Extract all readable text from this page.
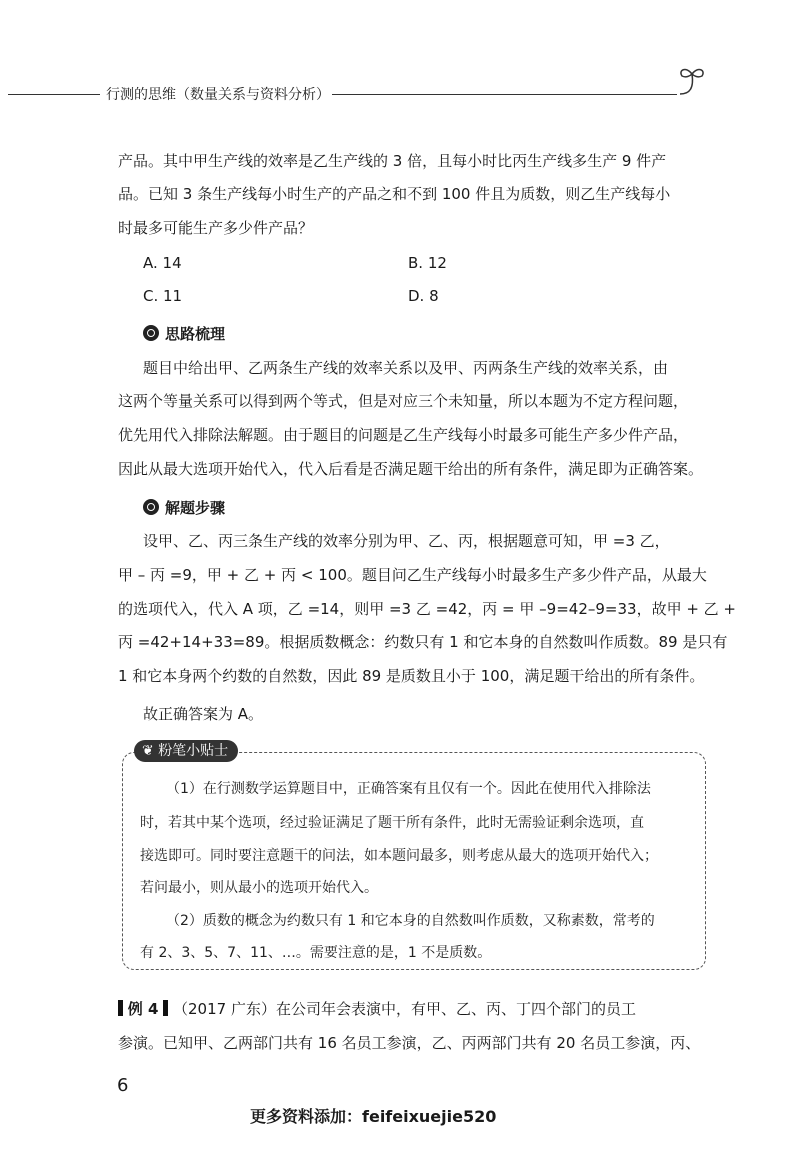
行测的思维（数量关系与资料分析）
产品。其中甲生产线的效率是乙生产线的 3 倍，且每小时比丙生产线多生产 9 件产
品。已知 3 条生产线每小时生产的产品之和不到 100 件且为质数，则乙生产线每小
时最多可能生产多少件产品？
A. 14	B. 12
C. 11	D. 8
思路梳理
题目中给出甲、乙两条生产线的效率关系以及甲、丙两条生产线的效率关系，由
这两个等量关系可以得到两个等式，但是对应三个未知量，所以本题为不定方程问题，
优先用代入排除法解题。由于题目的问题是乙生产线每小时最多可能生产多少件产品，
因此从最大选项开始代入，代入后看是否满足题干给出的所有条件，满足即为正确答案。
解题步骤
设甲、乙、丙三条生产线的效率分别为甲、乙、丙，根据题意可知，甲 =3 乙，
甲 – 丙 =9，甲 + 乙 + 丙 < 100。题目问乙生产线每小时最多生产多少件产品，从最大
的选项代入，代入 A 项，乙 =14，则甲 =3 乙 =42，丙 = 甲 –9=42–9=33，故甲 + 乙 +
丙 =42+14+33=89。根据质数概念：约数只有 1 和它本身的自然数叫作质数。89 是只有
1 和它本身两个约数的自然数，因此 89 是质数且小于 100，满足题干给出的所有条件。
故正确答案为 A。
❦ 粉笔小贴士
（1）在行测数学运算题目中，正确答案有且仅有一个。因此在使用代入排除法
时，若其中某个选项，经过验证满足了题干所有条件，此时无需验证剩余选项，直
接选即可。同时要注意题干的问法，如本题问最多，则考虑从最大的选项开始代入；
若问最小，则从最小的选项开始代入。
（2）质数的概念为约数只有 1 和它本身的自然数叫作质数，又称素数，常考的
有 2、3、5、7、11、…。需要注意的是，1 不是质数。
例 4 （2017 广东）在公司年会表演中，有甲、乙、丙、丁四个部门的员工
参演。已知甲、乙两部门共有 16 名员工参演，乙、丙两部门共有 20 名员工参演，丙、
6
更多资料添加：feifeixuejie520
